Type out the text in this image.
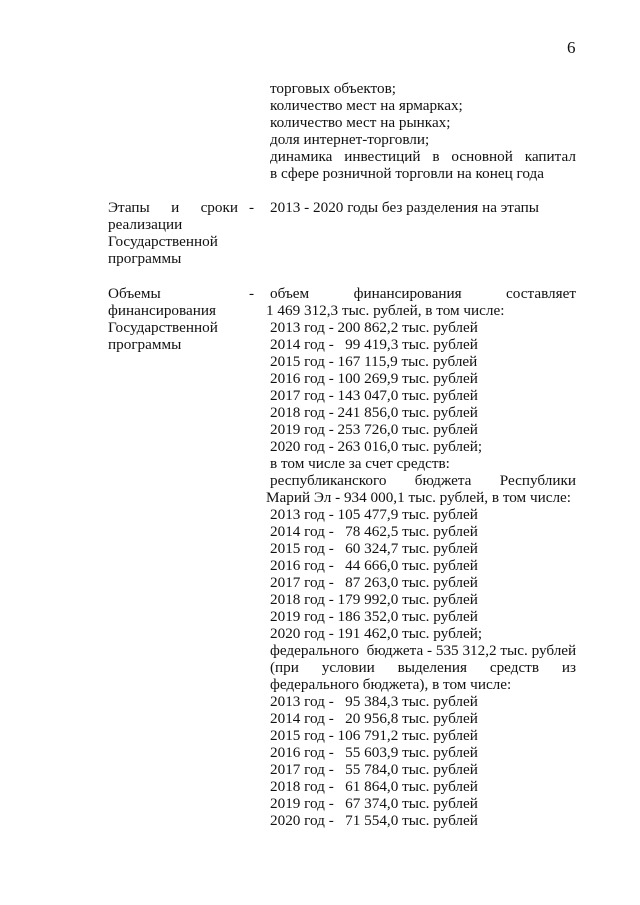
6
торговых объектов;
количество мест на ярмарках;
количество мест на рынках;
доля интернет-торговли;
динамика инвестиций в основной капитал
в сфере розничной торговли на конец года
Этапы и сроки
реализации
Государственной
программы
- 2013 - 2020 годы без разделения на этапы
Объемы
финансирования
Государственной
программы
- объем	финансирования	составляет
1 469 312,3 тыс. рублей, в том числе:
2013 год - 200 862,2 тыс. рублей
2014 год -   99 419,3 тыс. рублей
2015 год - 167 115,9 тыс. рублей
2016 год - 100 269,9 тыс. рублей
2017 год - 143 047,0 тыс. рублей
2018 год - 241 856,0 тыс. рублей
2019 год - 253 726,0 тыс. рублей
2020 год - 263 016,0 тыс. рублей;
в том числе за счет средств:
республиканского бюджета Республики
Марий Эл - 934 000,1 тыс. рублей, в том числе:
2013 год - 105 477,9 тыс. рублей
2014 год -   78 462,5 тыс. рублей
2015 год -   60 324,7 тыс. рублей
2016 год -   44 666,0 тыс. рублей
2017 год -   87 263,0 тыс. рублей
2018 год - 179 992,0 тыс. рублей
2019 год - 186 352,0 тыс. рублей
2020 год - 191 462,0 тыс. рублей;
федерального  бюджета - 535 312,2 тыс. рублей
(при условии выделения средств из
федерального бюджета), в том числе:
2013 год -   95 384,3 тыс. рублей
2014 год -   20 956,8 тыс. рублей
2015 год - 106 791,2 тыс. рублей
2016 год -   55 603,9 тыс. рублей
2017 год -   55 784,0 тыс. рублей
2018 год -   61 864,0 тыс. рублей
2019 год -   67 374,0 тыс. рублей
2020 год -   71 554,0 тыс. рублей
